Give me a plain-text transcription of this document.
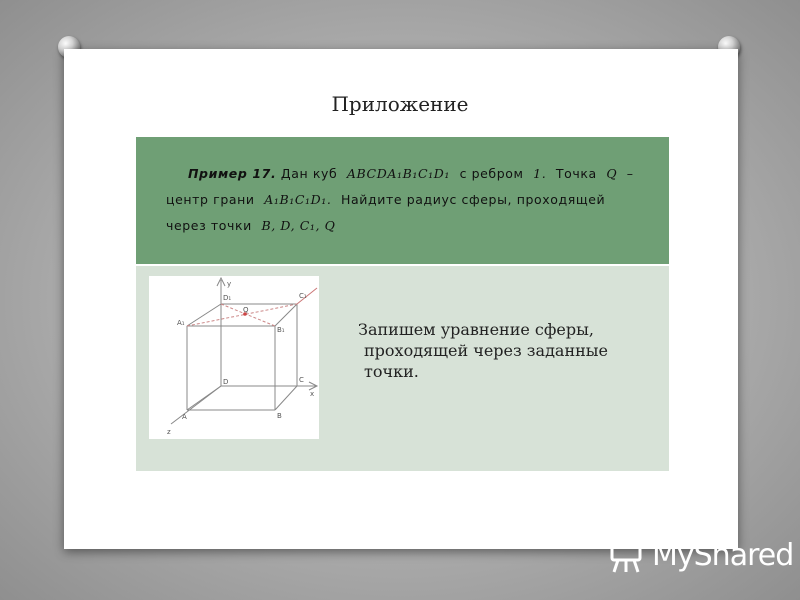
Приложение
Пример 17. Дан куб ABCDA₁B₁C₁D₁ с ребром 1. Точка Q –
центр грани A₁B₁C₁D₁. Найдите радиус сферы, проходящей
через точки B, D, C₁, Q
y
x
z
D₁	C₁
A₁
B₁
Q
D	C
A	B
Запишем уравнение сферы,
проходящей через заданные
точки.
MyShared
